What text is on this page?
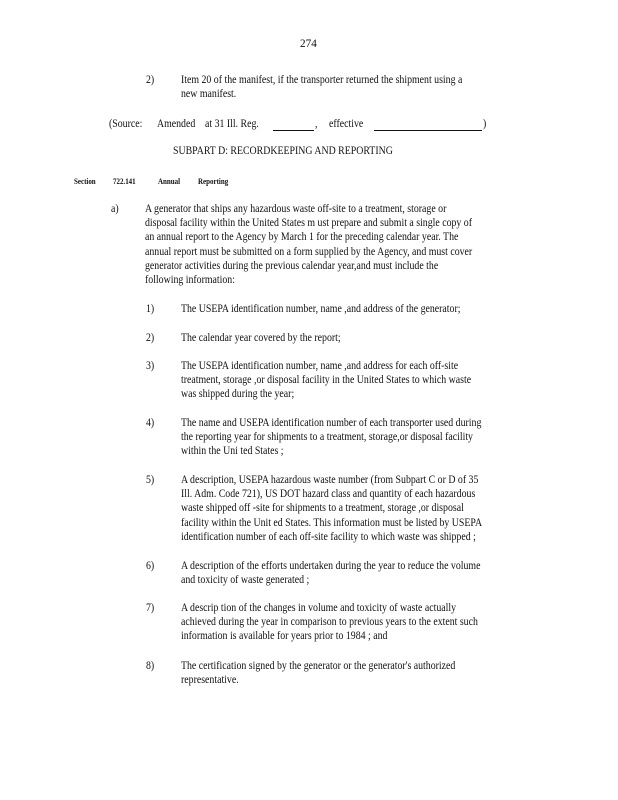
274
2) Item 20 of the manifest, if the transporter returned the shipment using a
new manifest.
(Source: Amended at 31 Ill. Reg.	, effective	)
SUBPART D: RECORDKEEPING AND REPORTING
Section 722.141	Annual Reporting
a) A generator that ships any hazardous waste off-site to a treatment, storage or
disposal facility within the United States m ust prepare and submit a single copy of
an annual report to the Agency by March 1 for the preceding calendar year. The
annual report must be submitted on a form supplied by the Agency, and must cover
generator activities during the previous calendar year,and must include the
following information:
1) The USEPA identification number, name ,and address of the generator;
2) The calendar year covered by the report;
3) The USEPA identification number, name ,and address for each off-site
treatment, storage ,or disposal facility in the United States to which waste
was shipped during the year;
4) The name and USEPA identification number of each transporter used during
the reporting year for shipments to a treatment, storage,or disposal facility
within the Uni ted States ;
5) A description, USEPA hazardous waste number (from Subpart C or D of 35
Ill. Adm. Code 721), US DOT hazard class and quantity of each hazardous
waste shipped off -site for shipments to a treatment, storage ,or disposal
facility within the Unit ed States. This information must be listed by USEPA
identification number of each off-site facility to which waste was shipped ;
6) A description of the efforts undertaken during the year to reduce the volume
and toxicity of waste generated ;
7) A descrip tion of the changes in volume and toxicity of waste actually
achieved during the year in comparison to previous years to the extent such
information is available for years prior to 1984 ; and
8) The certification signed by the generator or the generator's authorized
representative.
